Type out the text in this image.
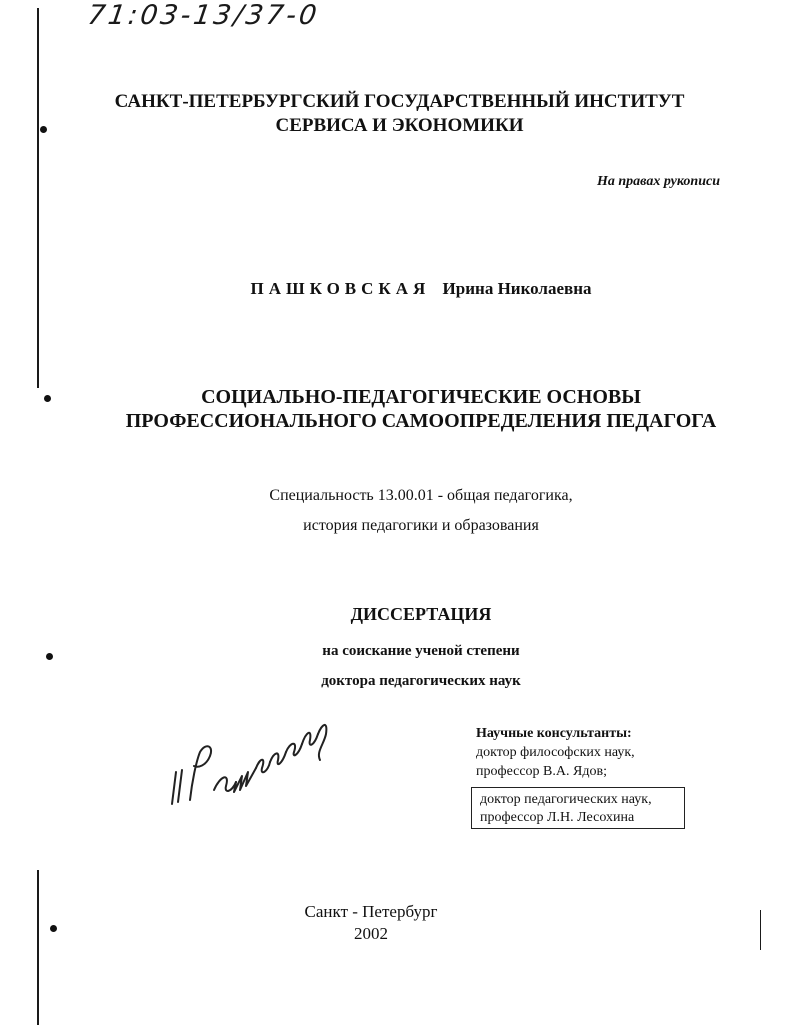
71:03-13/37-0
САНКТ-ПЕТЕРБУРГСКИЙ ГОСУДАРСТВЕННЫЙ ИНСТИТУТ
СЕРВИСА И ЭКОНОМИКИ
На правах рукописи
ПАШКОВСКАЯ Ирина Николаевна
СОЦИАЛЬНО-ПЕДАГОГИЧЕСКИЕ ОСНОВЫ
ПРОФЕССИОНАЛЬНОГО САМООПРЕДЕЛЕНИЯ ПЕДАГОГА
Специальность 13.00.01 - общая педагогика,
история педагогики и образования
ДИССЕРТАЦИЯ
на соискание ученой степени
доктора педагогических наук
Научные консультанты:
доктор философских наук,
профессор В.А. Ядов;
доктор педагогических наук,
профессор Л.Н. Лесохина
Санкт - Петербург
2002
